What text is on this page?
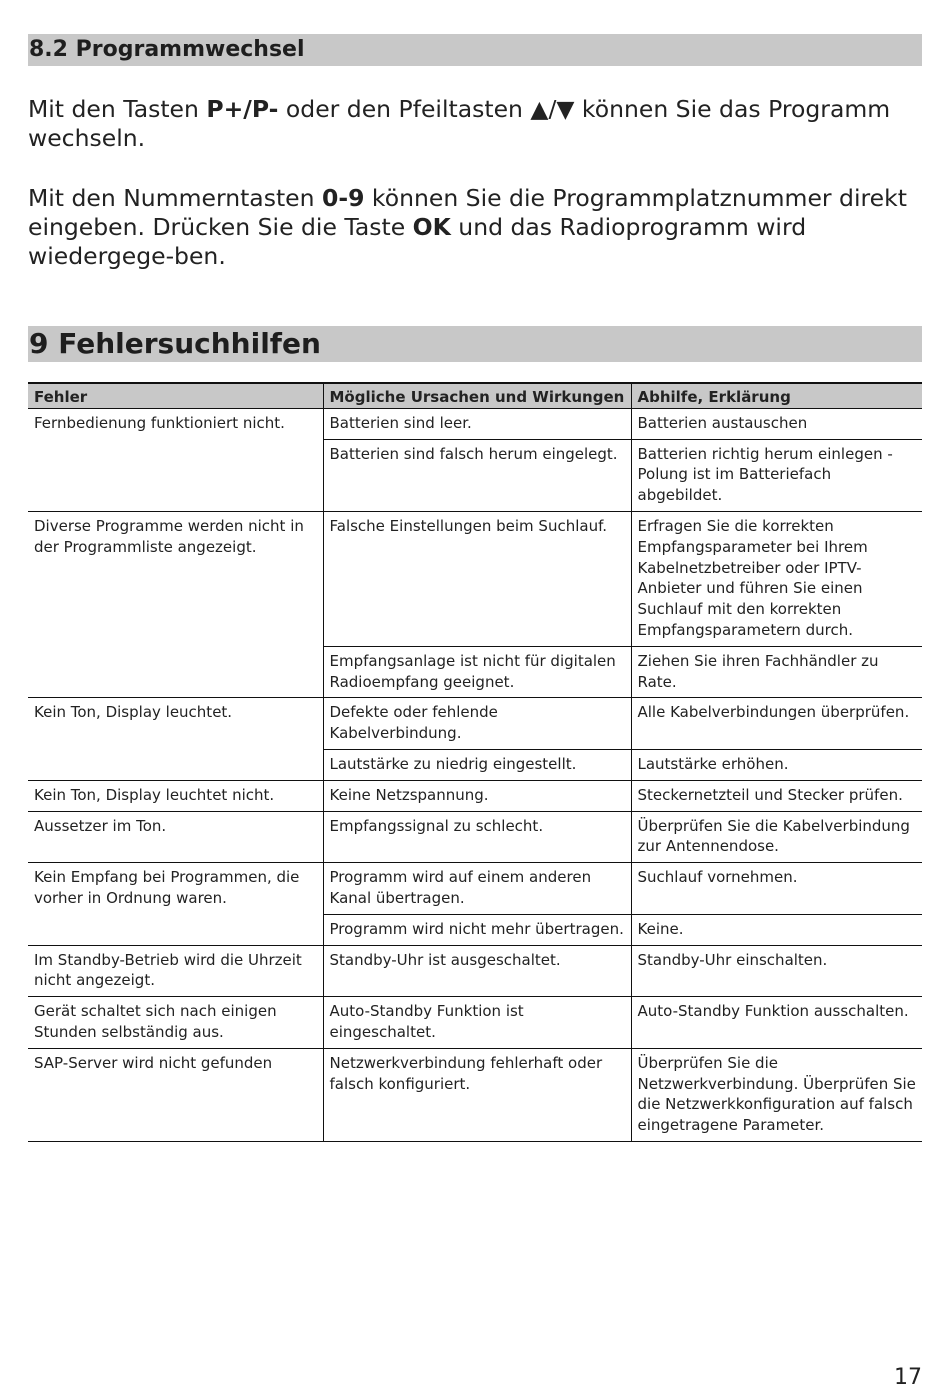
8.2 Programmwechsel

Mit den Tasten P+/P- oder den Pfeiltasten ▲/▼ können Sie das Programm wechseln.

Mit den Nummerntasten 0-9 können Sie die Programmplatznummer direkt eingeben. Drücken Sie die Taste OK und das Radioprogramm wird wiedergege-ben.

9 Fehlersuchhilfen
Fehler	Mögliche Ursachen und Wirkungen	Abhilfe, Erklärung
Fernbedienung funktioniert nicht.	Batterien sind leer.	Batterien austauschen
	Batterien sind falsch herum eingelegt.	Batterien richtig herum einlegen - Polung ist im Batteriefach abgebildet.
Diverse Programme werden nicht in der Programmliste angezeigt.	Falsche Einstellungen beim Suchlauf.	Erfragen Sie die korrekten Empfangsparameter bei Ihrem Kabelnetzbetreiber oder IPTV-Anbieter und führen Sie einen Suchlauf mit den korrekten Empfangsparametern durch.
	Empfangsanlage ist nicht für digitalen Radioempfang geeignet.	Ziehen Sie ihren Fachhändler zu Rate.
Kein Ton, Display leuchtet.	Defekte oder fehlende Kabelverbindung.	Alle Kabelverbindungen überprüfen.
	Lautstärke zu niedrig eingestellt.	Lautstärke erhöhen.
Kein Ton, Display leuchtet nicht.	Keine Netzspannung.	Steckernetzteil und Stecker prüfen.
Aussetzer im Ton.	Empfangssignal zu schlecht.	Überprüfen Sie die Kabelverbindung zur Antennendose.
Kein Empfang bei Programmen, die vorher in Ordnung waren.	Programm wird auf einem anderen Kanal übertragen.	Suchlauf vornehmen.
	Programm wird nicht mehr übertragen.	Keine.
Im Standby-Betrieb wird die Uhrzeit nicht angezeigt.	Standby-Uhr ist ausgeschaltet.	Standby-Uhr einschalten.
Gerät schaltet sich nach einigen Stunden selbständig aus.	Auto-Standby Funktion ist eingeschaltet.	Auto-Standby Funktion ausschalten.
SAP-Server wird nicht gefunden	Netzwerkverbindung fehlerhaft oder falsch konfiguriert.	Überprüfen Sie die Netzwerkverbindung. Überprüfen Sie die Netzwerkkonfiguration auf falsch eingetragene Parameter.
17
